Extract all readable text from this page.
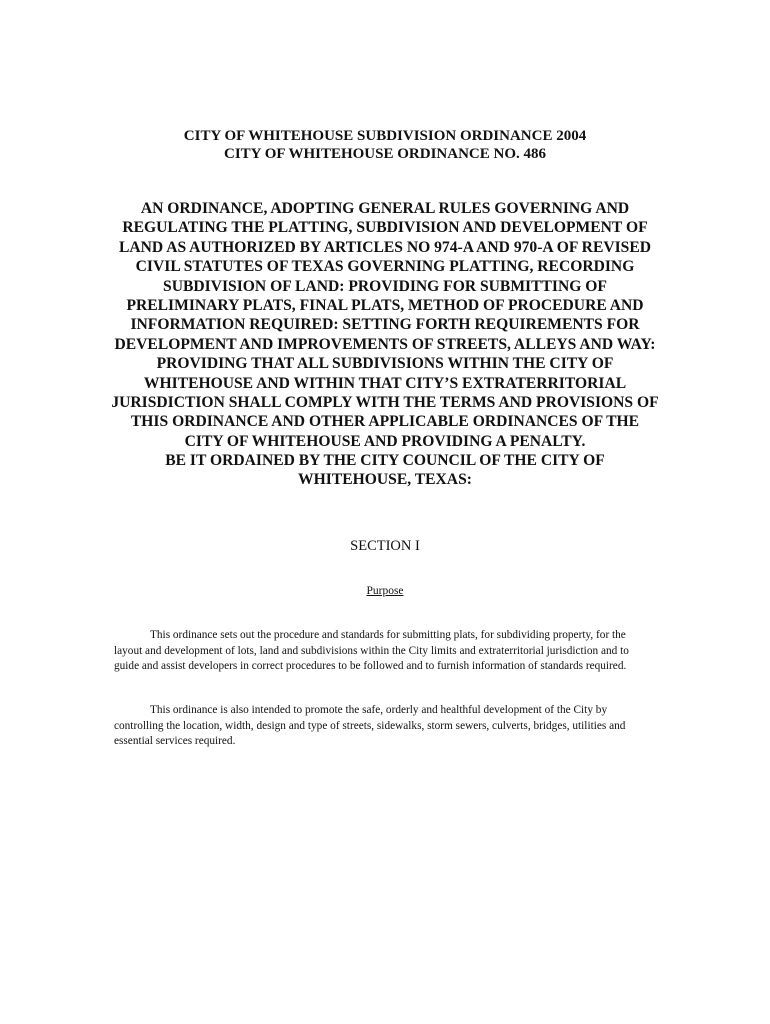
CITY OF WHITEHOUSE SUBDIVISION ORDINANCE 2004
CITY OF WHITEHOUSE ORDINANCE NO. 486
AN ORDINANCE, ADOPTING GENERAL RULES GOVERNING AND REGULATING THE PLATTING, SUBDIVISION AND DEVELOPMENT OF LAND AS AUTHORIZED BY ARTICLES NO 974-A AND 970-A OF REVISED CIVIL STATUTES OF TEXAS GOVERNING PLATTING, RECORDING SUBDIVISION OF LAND: PROVIDING FOR SUBMITTING OF PRELIMINARY PLATS, FINAL PLATS, METHOD OF PROCEDURE AND INFORMATION REQUIRED: SETTING FORTH REQUIREMENTS FOR DEVELOPMENT AND IMPROVEMENTS OF STREETS, ALLEYS AND WAY: PROVIDING THAT ALL SUBDIVISIONS WITHIN THE CITY OF WHITEHOUSE AND WITHIN THAT CITY’S EXTRATERRITORIAL JURISDICTION SHALL COMPLY WITH THE TERMS AND PROVISIONS OF THIS ORDINANCE AND OTHER APPLICABLE ORDINANCES OF THE CITY OF WHITEHOUSE AND PROVIDING A PENALTY.
BE IT ORDAINED BY THE CITY COUNCIL OF THE CITY OF WHITEHOUSE, TEXAS:
SECTION I
Purpose

This ordinance sets out the procedure and standards for submitting plats, for subdividing property, for the layout and development of lots, land and subdivisions within the City limits and extraterritorial jurisdiction and to guide and assist developers in correct procedures to be followed and to furnish information of standards required.

This ordinance is also intended to promote the safe, orderly and healthful development of the City by controlling the location, width, design and type of streets, sidewalks, storm sewers, culverts, bridges, utilities and essential services required.
